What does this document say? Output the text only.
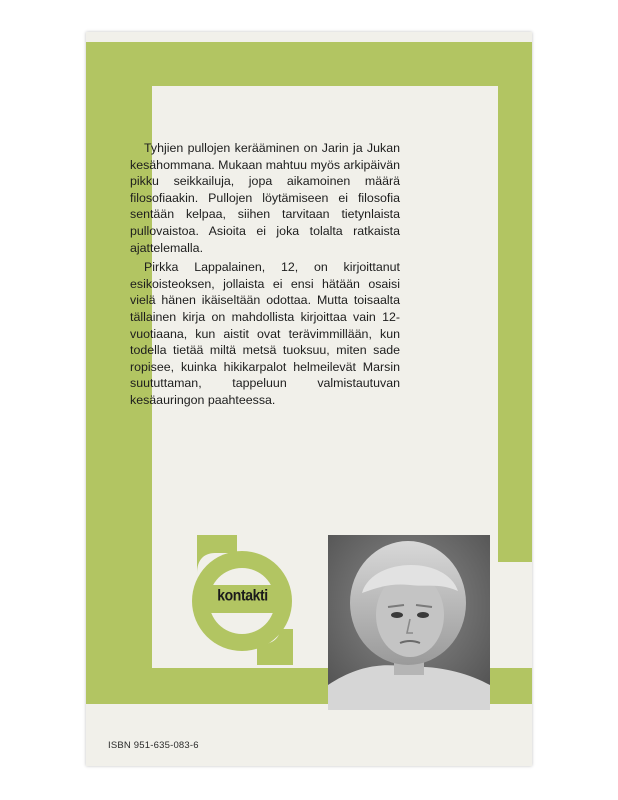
Tyhjien pullojen kerääminen on Jarin ja Jukan kesähommana. Mukaan mahtuu myös arkipäivän pikku seikkailuja, jopa aikamoinen määrä filosofiaakin. Pullojen löytämiseen ei filosofia sentään kelpaa, siihen tarvitaan tietynlaista pullovaistoa. Asioita ei joka tolalta ratkaista ajattelemalla.

Pirkka Lappalainen, 12, on kirjoittanut esikoisteoksen, jollaista ei ensi hätään osaisi vielä hänen ikäiseltään odottaa. Mutta toisaalta tällainen kirja on mahdollista kirjoittaa vain 12-vuotiaana, kun aistit ovat terävimmillään, kun todella tietää miltä metsä tuoksuu, miten sade ropisee, kuinka hikikarpalot helmeilevät Marsin suututtaman, tappeluun valmistautuvan kesäauringon paahteessa.

kontakti
ISBN 951-635-083-6
